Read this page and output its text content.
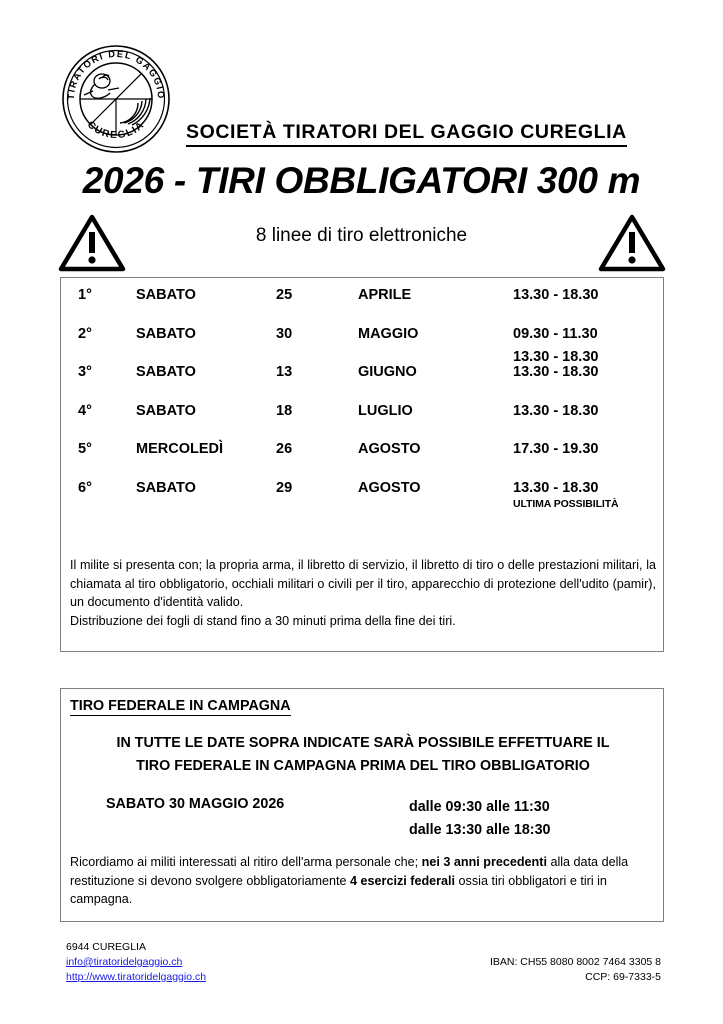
TIRATORI DEL GAGGIO
CUREGLIA SOCIETÀ TIRATORI DEL GAGGIO CUREGLIA
2026 - TIRI OBBLIGATORI 300 m
8 linee di tiro elettroniche
1°	SABATO	25	APRILE	13.30 - 18.30

2°	SABATO	30	MAGGIO	09.30 - 11.30
13.30 - 18.30

3°	SABATO	13	GIUGNO	13.30 - 18.30

4°	SABATO	18	LUGLIO	13.30 - 18.30

5°	MERCOLEDÌ	26	AGOSTO	17.30 - 19.30

6°	SABATO	29	AGOSTO	13.30 - 18.30
ULTIMA POSSIBILITÀ
Il milite si presenta con; la propria arma, il libretto di servizio, il libretto di tiro o delle prestazioni militari, la chiamata al tiro obbligatorio, occhiali militari o civili per il tiro, apparecchio di protezione dell'udito (pamir), un documento d'identità valido.
Distribuzione dei fogli di stand fino a 30 minuti prima della fine dei tiri.
TIRO FEDERALE IN CAMPAGNA
IN TUTTE LE DATE SOPRA INDICATE SARÀ POSSIBILE EFFETTUARE IL
TIRO FEDERALE IN CAMPAGNA PRIMA DEL TIRO OBBLIGATORIO
SABATO 30 MAGGIO 2026	dalle 09:30 alle 11:30
dalle 13:30 alle 18:30
Ricordiamo ai militi interessati al ritiro dell'arma personale che; nei 3 anni precedenti alla data della restituzione si devono svolgere obbligatoriamente 4 esercizi federali ossia tiri obbligatori e tiri in campagna.
6944 CUREGLIA
info@tiratoridelgaggio.ch
http://www.tiratoridelgaggio.ch
IBAN: CH55 8080 8002 7464 3305 8
CCP: 69-7333-5
